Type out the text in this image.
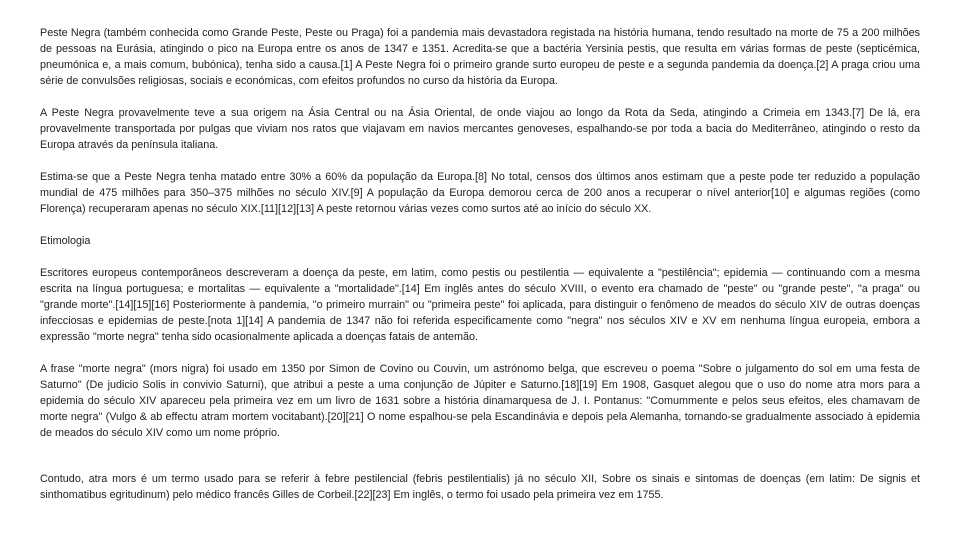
Peste Negra (também conhecida como Grande Peste, Peste ou Praga) foi a pandemia mais devastadora registada na história humana, tendo resultado na morte de 75 a 200 milhões de pessoas na Eurásia, atingindo o pico na Europa entre os anos de 1347 e 1351. Acredita-se que a bactéria Yersinia pestis, que resulta em várias formas de peste (septicémica, pneumónica e, a mais comum, bubónica), tenha sido a causa.[1] A Peste Negra foi o primeiro grande surto europeu de peste e a segunda pandemia da doença.[2] A praga criou uma série de convulsões religiosas, sociais e económicas, com efeitos profundos no curso da história da Europa.

A Peste Negra provavelmente teve a sua origem na Ásia Central ou na Ásia Oriental, de onde viajou ao longo da Rota da Seda, atingindo a Crimeia em 1343.[7] De lá, era provavelmente transportada por pulgas que viviam nos ratos que viajavam em navios mercantes genoveses, espalhando-se por toda a bacia do Mediterrâneo, atingindo o resto da Europa através da península italiana.

Estima-se que a Peste Negra tenha matado entre 30% a 60% da população da Europa.[8] No total, censos dos últimos anos estimam que a peste pode ter reduzido a população mundial de 475 milhões para 350–375 milhões no século XIV.[9] A população da Europa demorou cerca de 200 anos a recuperar o nível anterior[10] e algumas regiões (como Florença) recuperaram apenas no século XIX.[11][12][13] A peste retornou várias vezes como surtos até ao início do século XX.

Etimologia

Escritores europeus contemporâneos descreveram a doença da peste, em latim, como pestis ou pestilentia — equivalente a "pestilência"; epidemia — continuando com a mesma escrita na língua portuguesa; e mortalitas — equivalente a "mortalidade".[14] Em inglês antes do século XVIII, o evento era chamado de "peste" ou "grande peste", "a praga" ou "grande morte".[14][15][16] Posteriormente à pandemia, "o primeiro murrain" ou "primeira peste" foi aplicada, para distinguir o fenômeno de meados do século XIV de outras doenças infecciosas e epidemias de peste.[nota 1][14] A pandemia de 1347 não foi referida especificamente como "negra" nos séculos XIV e XV em nenhuma língua europeia, embora a expressão "morte negra" tenha sido ocasionalmente aplicada a doenças fatais de antemão.

A frase "morte negra" (mors nigra) foi usado em 1350 por Simon de Covino ou Couvin, um astrónomo belga, que escreveu o poema "Sobre o julgamento do sol em uma festa de Saturno" (De judicio Solis in convivio Saturni), que atribui a peste a uma conjunção de Júpiter e Saturno.[18][19] Em 1908, Gasquet alegou que o uso do nome atra mors para a epidemia do século XIV apareceu pela primeira vez em um livro de 1631 sobre a história dinamarquesa de J. I. Pontanus: "Comummente e pelos seus efeitos, eles chamavam de morte negra" (Vulgo & ab effectu atram mortem vocitabant).[20][21] O nome espalhou-se pela Escandinávia e depois pela Alemanha, tornando-se gradualmente associado à epidemia de meados do século XIV como um nome próprio.

Contudo, atra mors é um termo usado para se referir à febre pestilencial (febris pestilentialis) já no século XII, Sobre os sinais e sintomas de doenças (em latim: De signis et sinthomatibus egritudinum) pelo médico francês Gilles de Corbeil.[22][23] Em inglês, o termo foi usado pela primeira vez em 1755.
